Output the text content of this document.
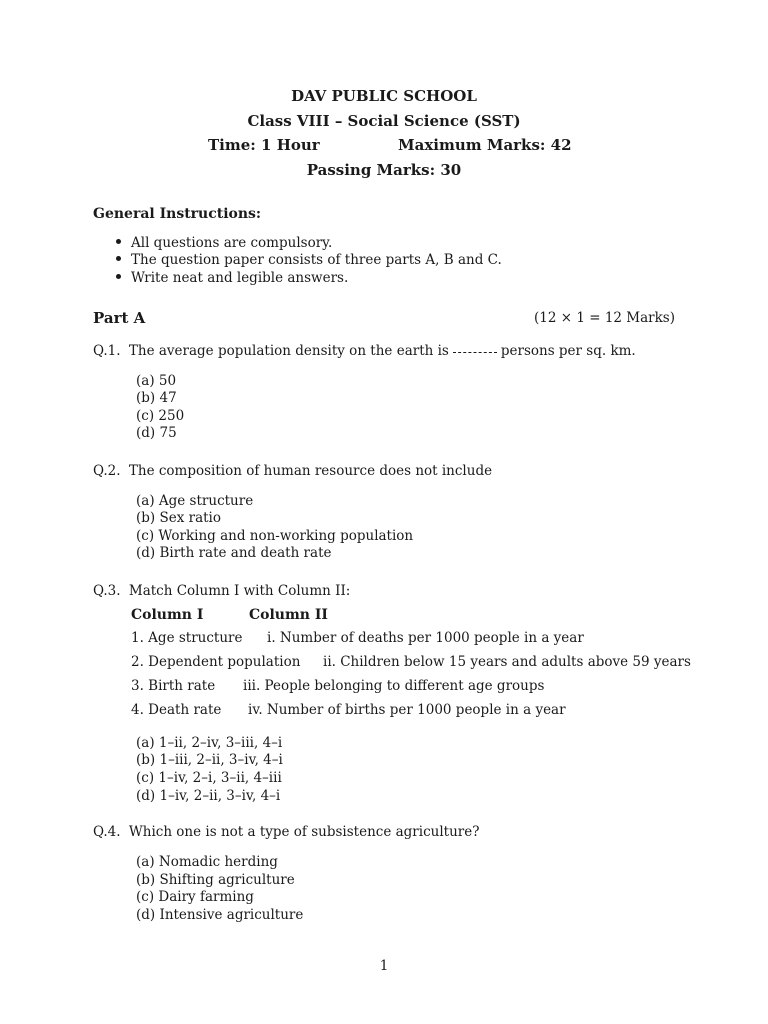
DAV PUBLIC SCHOOL
Class VIII – Social Science (SST)
Time: 1 Hour	Maximum Marks: 42
Passing Marks: 30
General Instructions:
All questions are compulsory.
The question paper consists of three parts A, B and C.
Write neat and legible answers.
Part A	(12 × 1 = 12 Marks)
Q.1. The average population density on the earth is	persons per sq. km.
(a) 50
(b) 47
(c) 250
(d) 75
Q.2. The composition of human resource does not include
(a) Age structure
(b) Sex ratio
(c) Working and non-working population
(d) Birth rate and death rate
Q.3. Match Column I with Column II:
Column I	Column II
1. Age structure i. Number of deaths per 1000 people in a year
2. Dependent population ii. Children below 15 years and adults above 59 years
3. Birth rate iii. People belonging to different age groups
4. Death rate iv. Number of births per 1000 people in a year
(a) 1–ii, 2–iv, 3–iii, 4–i
(b) 1–iii, 2–ii, 3–iv, 4–i
(c) 1–iv, 2–i, 3–ii, 4–iii
(d) 1–iv, 2–ii, 3–iv, 4–i
Q.4. Which one is not a type of subsistence agriculture?
(a) Nomadic herding
(b) Shifting agriculture
(c) Dairy farming
(d) Intensive agriculture
1
